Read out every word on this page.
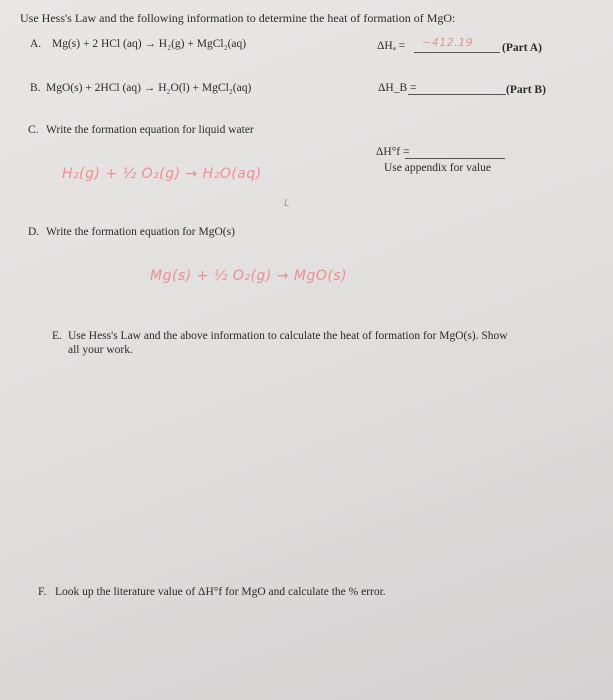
Use Hess's Law and the following information to determine the heat of formation of MgO:
A. Mg(s) + 2 HCl (aq) → H₂(g) + MgCl₂(aq)	ΔHₐ = −412.19	(Part A)
B. MgO(s) + 2HCl (aq) → H₂O(l) + MgCl₂(aq)	ΔH_B =	(Part B)
C. Write the formation equation for liquid water
ΔH°f =
Use appendix for value
H₂(g) + ½ O₂(g) → H₂O(aq)
L
D. Write the formation equation for MgO(s)
Mg(s) + ½ O₂(g) → MgO(s)
E. Use Hess's Law and the above information to calculate the heat of formation for MgO(s). Show
all your work.
F. Look up the literature value of ΔH°f for MgO and calculate the % error.
